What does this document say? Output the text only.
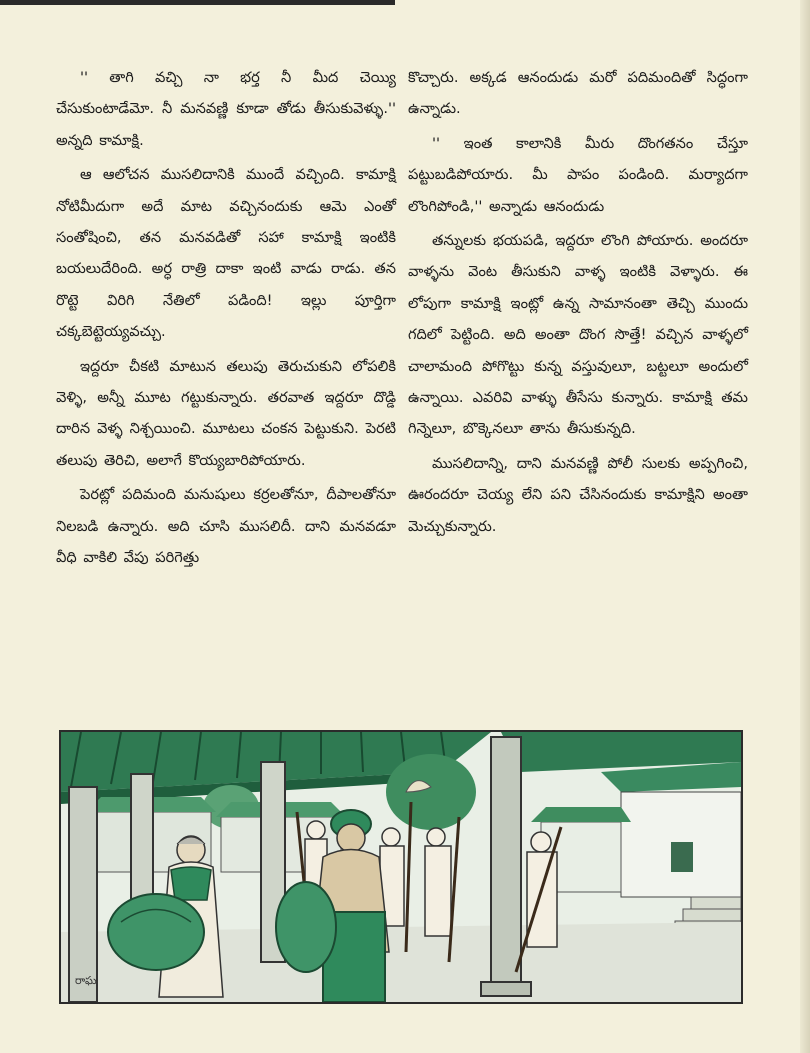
'' తాగి వచ్చి నా భర్త నీ మీద చెయ్యి చేసుకుంటాడేమో. నీ మనవణ్ణి కూడా తోడు తీసుకువెళ్ళు.'' అన్నది కామాక్షి.

ఆ ఆలోచన ముసలిదానికి ముందే వచ్చింది. కామాక్షి నోటిమీదుగా అదే మాట వచ్చినందుకు ఆమె ఎంతో సంతోషించి, తన మనవడితో సహా కామాక్షి ఇంటికి బయలుదేరింది. అర్ధ రాత్రి దాకా ఇంటి వాడు రాడు. తన రొట్టె విరిగి నేతిలో పడింది! ఇల్లు పూర్తిగా చక్కబెట్టెయ్యవచ్చు.

ఇద్దరూ చీకటి మాటున తలుపు తెరుచుకుని లోపలికి వెళ్ళి, అన్నీ మూట గట్టుకున్నారు. తరవాత ఇద్దరూ దొడ్డి దారిన వెళ్ళ నిశ్చయించి. మూటలు చంకన పెట్టుకుని. పెరటి తలుపు తెరిచి, అలాగే కొయ్యబారిపోయారు.

పెరట్లో పదిమంది మనుషులు కర్రలతోనూ, దీపాలతోనూ నిలబడి ఉన్నారు. అది చూసి ముసలిదీ. దాని మనవడూ వీధి వాకిలి వేపు పరిగెత్తు

కొచ్చారు. అక్కడ ఆనందుడు మరో పదిమందితో సిద్ధంగా ఉన్నాడు.

'' ఇంత కాలానికి మీరు దొంగతనం చేస్తూ పట్టుబడిపోయారు. మీ పాపం పండింది. మర్యాదగా లొంగిపోండి,'' అన్నాడు ఆనందుడు

తన్నులకు భయపడి, ఇద్దరూ లొంగి పోయారు. అందరూ వాళ్ళను వెంట తీసుకుని వాళ్ళ ఇంటికి వెళ్ళారు. ఈ లోపుగా కామాక్షి ఇంట్లో ఉన్న సామానంతా తెచ్చి ముందు గదిలో పెట్టింది. అది అంతా దొంగ సొత్తే! వచ్చిన వాళ్ళలో చాలామంది పోగొట్టు కున్న వస్తువులూ, బట్టలూ అందులో ఉన్నాయి. ఎవరివి వాళ్ళు తీసేసు కున్నారు. కామాక్షి తమ గిన్నెలూ, బొక్కెనలూ తాను తీసుకున్నది.

ముసలిదాన్ని, దాని మనవణ్ణి పోలీ సులకు అప్పగించి, ఊరందరూ చెయ్య లేని పని చేసినందుకు కామాక్షిని అంతా మెచ్చుకున్నారు.

రాఘ
